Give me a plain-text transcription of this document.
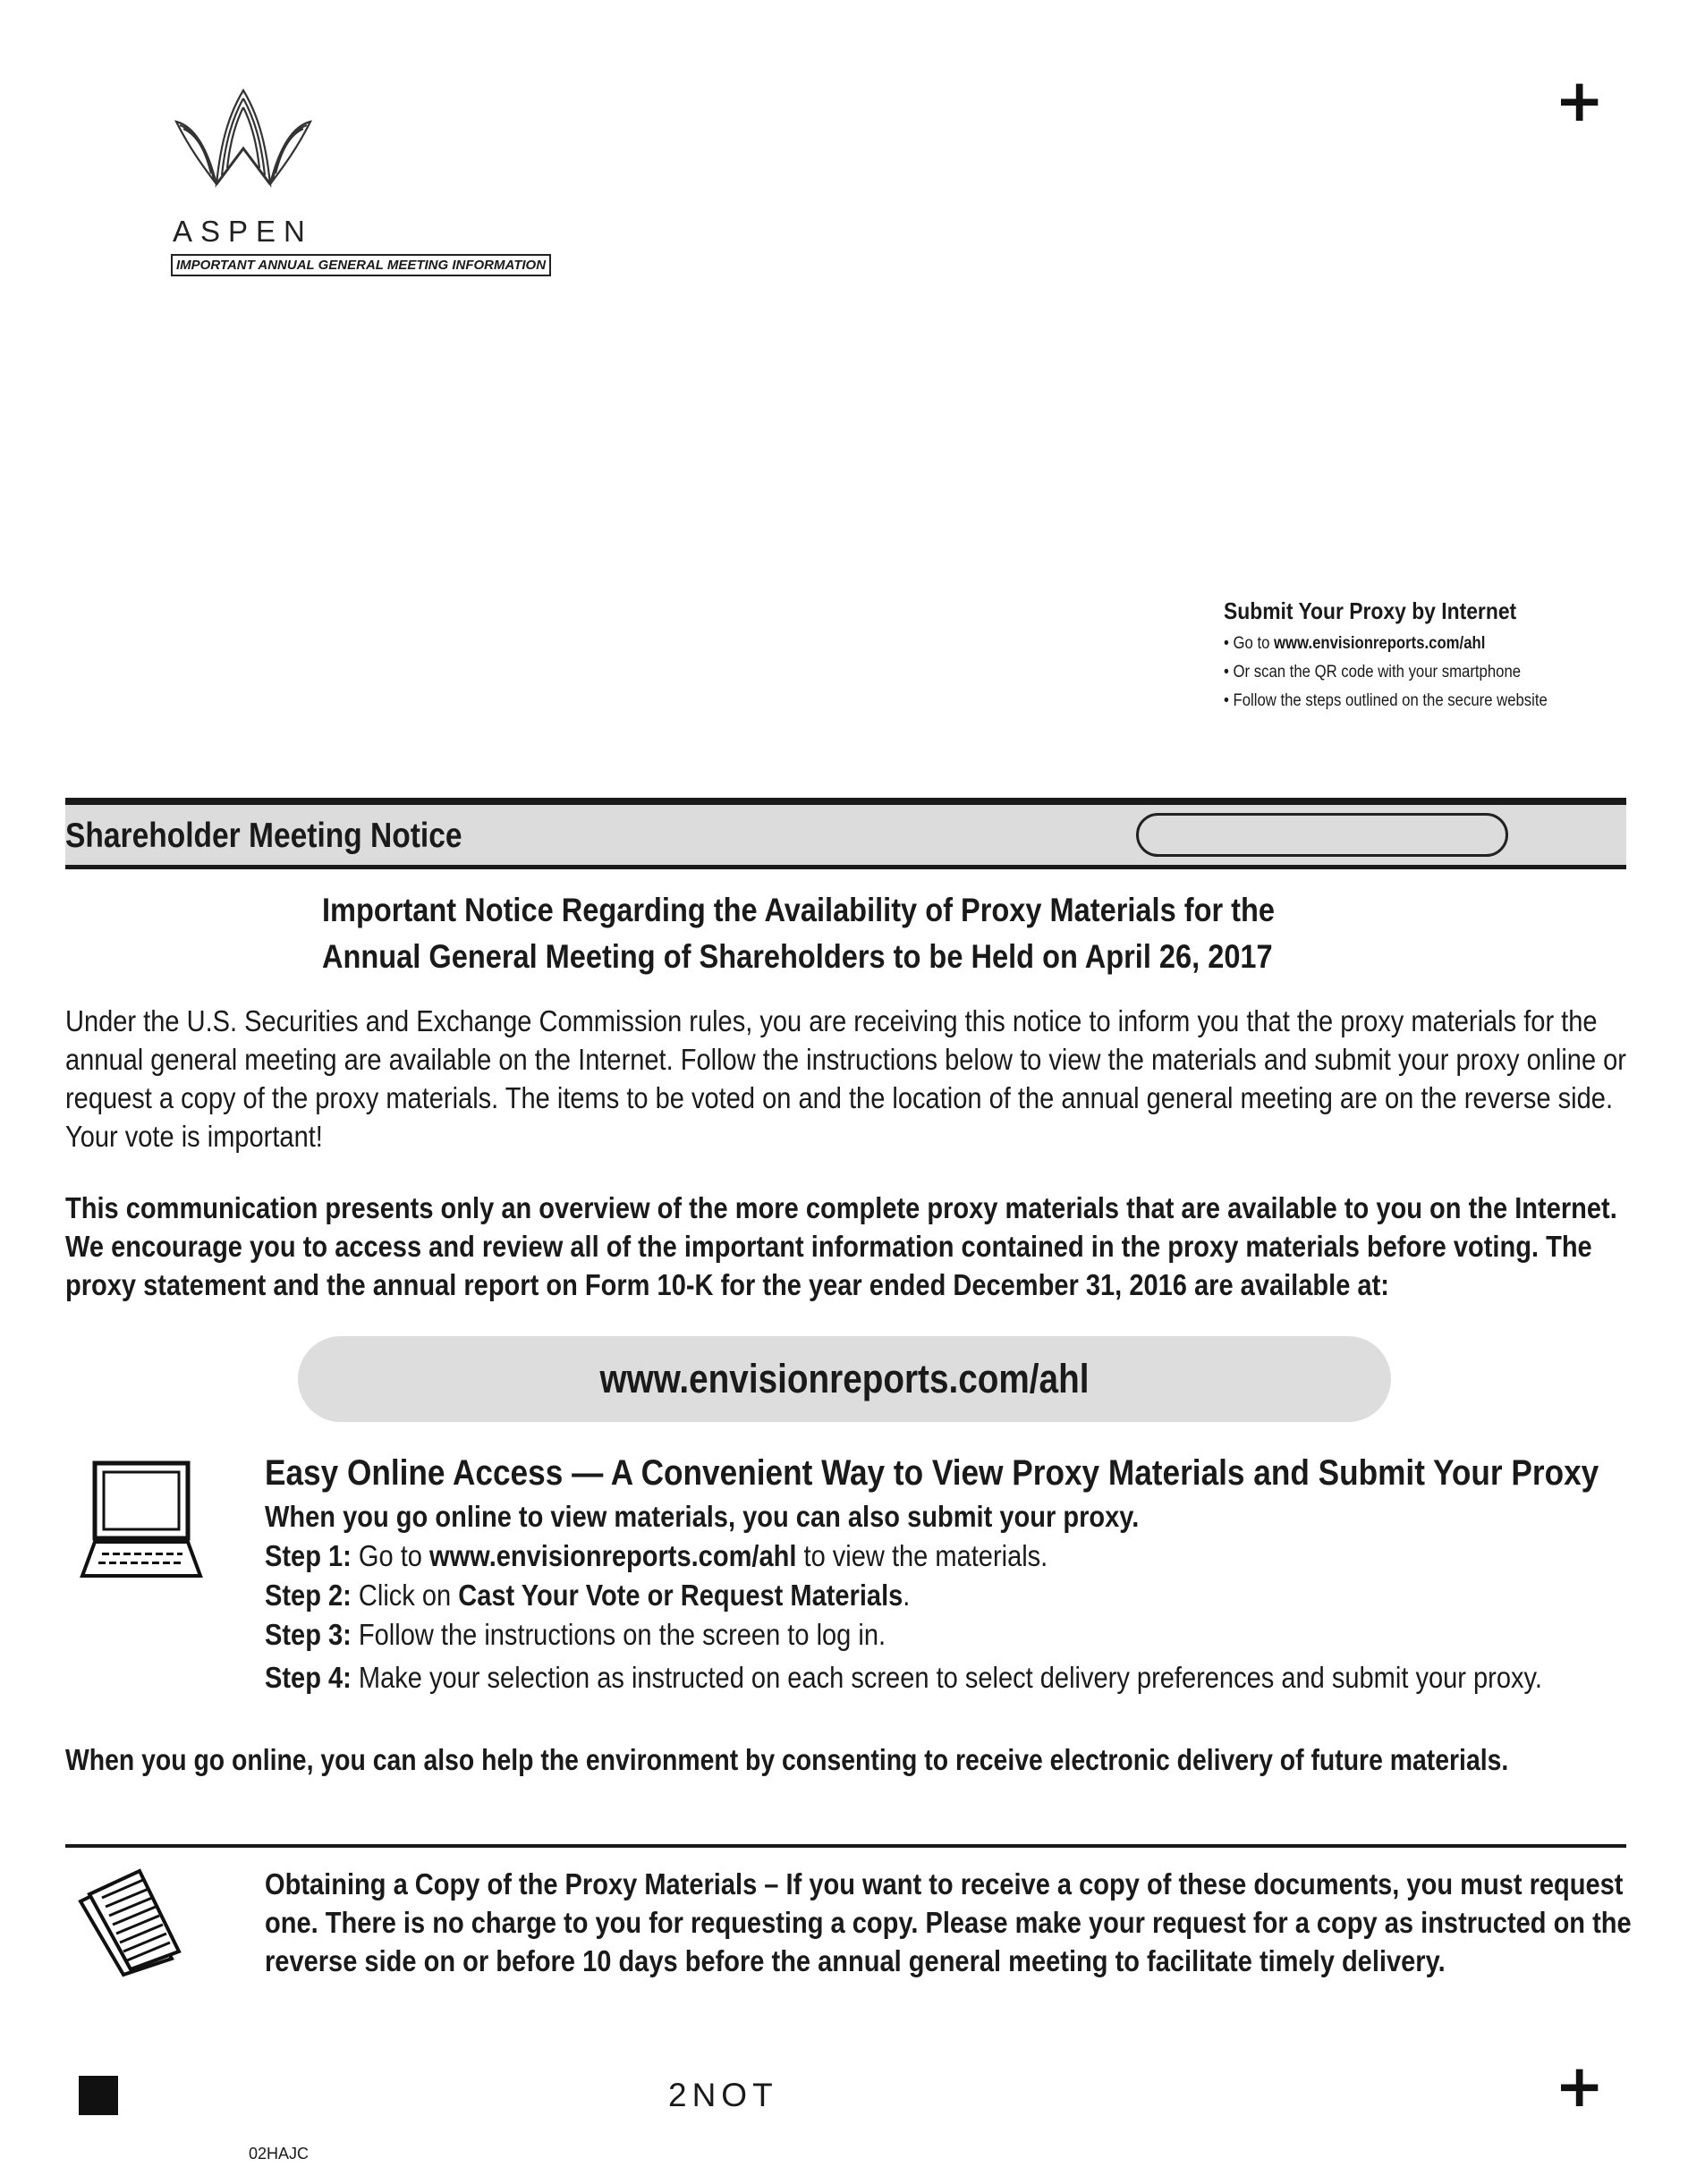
+
+
ASPEN
IMPORTANT ANNUAL GENERAL MEETING INFORMATION
Submit Your Proxy by Internet
• Go to www.envisionreports.com/ahl
• Or scan the QR code with your smartphone
• Follow the steps outlined on the secure website
Shareholder Meeting Notice
Important Notice Regarding the Availability of Proxy Materials for the
Annual General Meeting of Shareholders to be Held on April 26, 2017

Under the U.S. Securities and Exchange Commission rules, you are receiving this notice to inform you that the proxy materials for the annual general meeting are available on the Internet. Follow the instructions below to view the materials and submit your proxy online or request a copy of the proxy materials. The items to be voted on and the location of the annual general meeting are on the reverse side. Your vote is important!

This communication presents only an overview of the more complete proxy materials that are available to you on the Internet. We encourage you to access and review all of the important information contained in the proxy materials before voting. The proxy statement and the annual report on Form 10-K for the year ended December 31, 2016 are available at:

www.envisionreports.com/ahl
Easy Online Access — A Convenient Way to View Proxy Materials and Submit Your Proxy
When you go online to view materials, you can also submit your proxy.
Step 1: Go to www.envisionreports.com/ahl to view the materials.
Step 2: Click on Cast Your Vote or Request Materials.
Step 3: Follow the instructions on the screen to log in.
Step 4: Make your selection as instructed on each screen to select delivery preferences and submit your proxy.
When you go online, you can also help the environment by consenting to receive electronic delivery of future materials.

Obtaining a Copy of the Proxy Materials – If you want to receive a copy of these documents, you must request one. There is no charge to you for requesting a copy. Please make your request for a copy as instructed on the reverse side on or before 10 days before the annual general meeting to facilitate timely delivery.

2NOT
02HAJC
